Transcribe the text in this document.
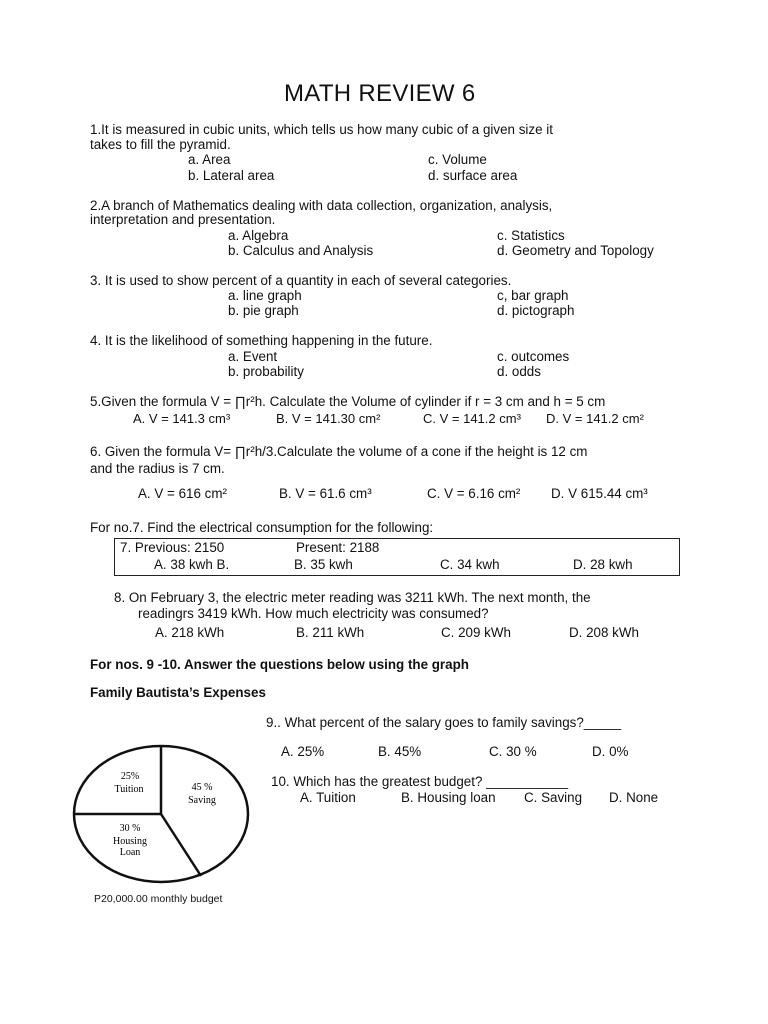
MATH REVIEW 6
1.It is measured in cubic units, which tells us how many cubic of a given size it
takes to fill the pyramid.
a. Area
b. Lateral area
c. Volume
d. surface area
2.A branch of Mathematics dealing with data collection, organization, analysis,
interpretation and presentation.
a. Algebra
b. Calculus and Analysis
c. Statistics
d. Geometry and Topology
3. It is used to show percent of a quantity in each of several categories.
a. line graph
b. pie graph
c, bar graph
d. pictograph
4. It is the likelihood of something happening in the future.
a. Event
b. probability
c. outcomes
d. odds
5.Given the formula V = ∏r²h. Calculate the Volume of cylinder if r = 3 cm and h = 5 cm
A. V = 141.3 cm³	B. V = 141.30 cm²	C. V = 141.2 cm³ D. V = 141.2 cm²
6. Given the formula V= ∏r²h/3.Calculate the volume of a cone if the height is 12 cm
and the radius is 7 cm.
A. V = 616 cm²	B. V = 61.6 cm³	C. V = 6.16 cm² D. V 615.44 cm³
For no.7. Find the electrical consumption for the following:
7. Previous: 2150	Present: 2188
A. 38 kwh B.	B. 35 kwh	C. 34 kwh	D. 28 kwh
8. On February 3, the electric meter reading was 3211 kWh. The next month, the
readingrs 3419 kWh. How much electricity was consumed?
A. 218 kWh	B. 211 kWh	C. 209 kWh	D. 208 kWh
For nos. 9 -10. Answer the questions below using the graph
Family Bautista’s Expenses
9.. What percent of the salary goes to family savings?_____
A. 25%	B. 45%	C. 30 %	D. 0%
10. Which has the greatest budget? ___________
A. Tuition	B. Housing loan C. Saving D. None
25%
Tuition	45 %
Saving
30 %
Housing
Loan
P20,000.00 monthly budget
